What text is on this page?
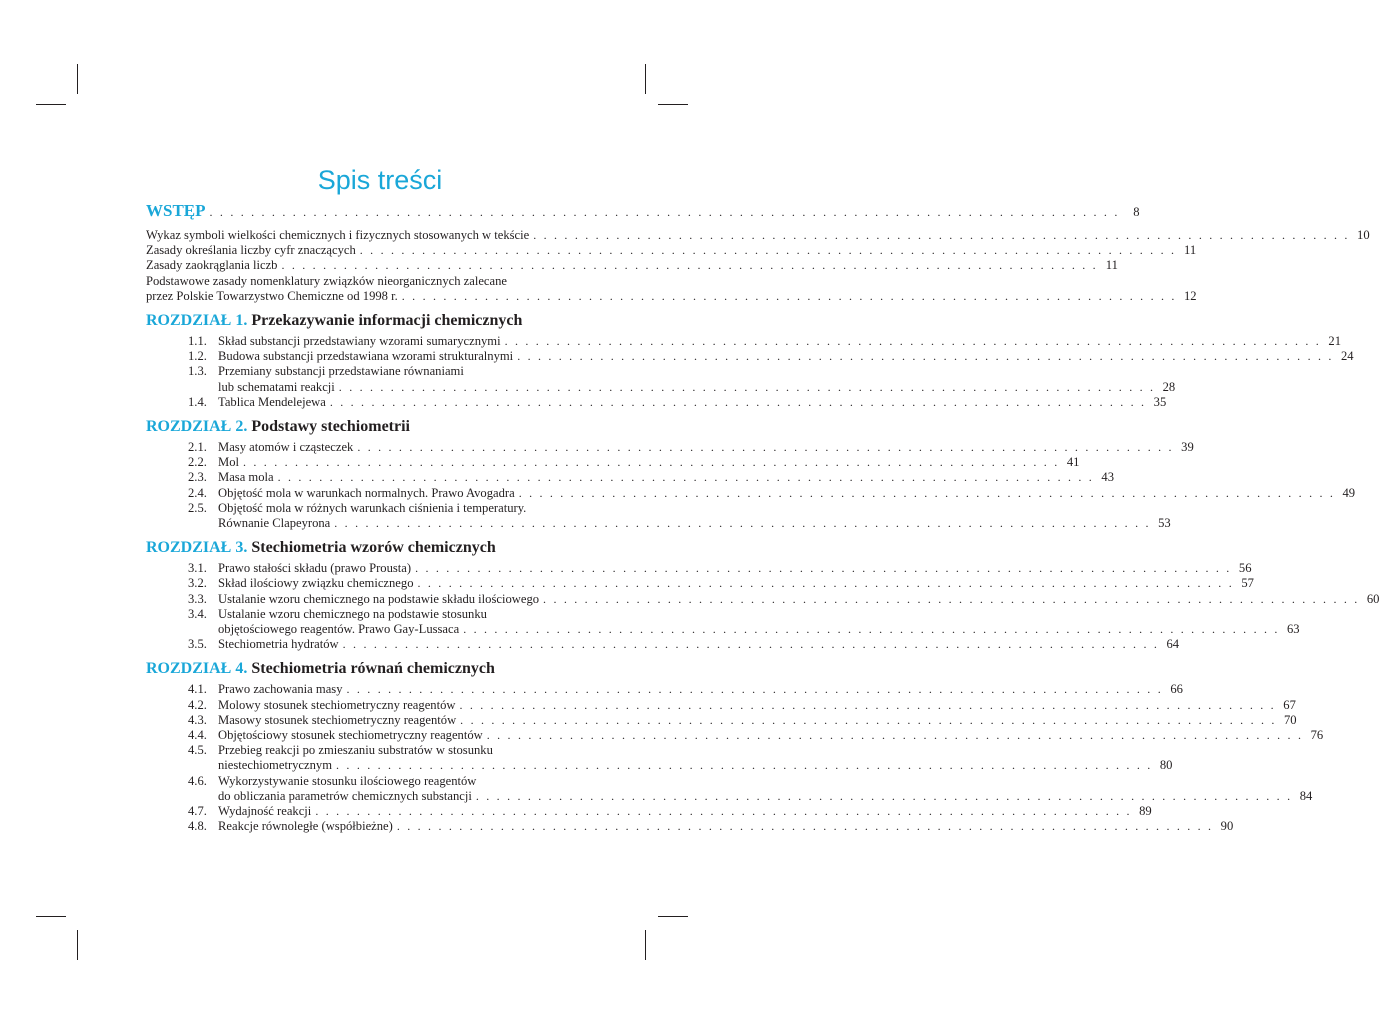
Spis treści
WSTĘP . . . . . . . . . . . . . . . . . . . . . . . . . . . . . . . . . . . . . . . . . . . . . . . . . . . . . . . . . . . . . . . . . . . . . . . . . . . . . . . . . . . . . . . .	8
Wykaz symboli wielkości chemicznych i fizycznych stosowanych w tekście . . . . . . . . . . . . . . . . . . . . . . . . . . . . . . . . . . . . . . . . . . . . . . . . . . . . . . . . . . . . . . . . . . . . . . . . . . . . . . . 10
Zasady określania liczby cyfr znaczących . . . . . . . . . . . . . . . . . . . . . . . . . . . . . . . . . . . . . . . . . . . . . . . . . . . . . . . . . . . . . . . . . . . . . . . . . . . . . . . 11
Zasady zaokrąglania liczb . . . . . . . . . . . . . . . . . . . . . . . . . . . . . . . . . . . . . . . . . . . . . . . . . . . . . . . . . . . . . . . . . . . . . . . . . . . . . . . 11
Podstawowe zasady nomenklatury związków nieorganicznych zalecane
przez Polskie Towarzystwo Chemiczne od 1998 r. . . . . . . . . . . . . . . . . . . . . . . . . . . . . . . . . . . . . . . . . . . . . . . . . . . . . . . . . . . . . . . . . . . . . . . . . . . . 12
ROZDZIAŁ 1. Przekazywanie informacji chemicznych
1.1. Skład substancji przedstawiany wzorami sumarycznymi . . . . . . . . . . . . . . . . . . . . . . . . . . . . . . . . . . . . . . . . . . . . . . . . . . . . . . . . . . . . . . . . . . . . . . . . . . . . . . . 21
1.2. Budowa substancji przedstawiana wzorami strukturalnymi . . . . . . . . . . . . . . . . . . . . . . . . . . . . . . . . . . . . . . . . . . . . . . . . . . . . . . . . . . . . . . . . . . . . . . . . . . . . . . . 24
1.3. Przemiany substancji przedstawiane równaniami
lub schematami reakcji . . . . . . . . . . . . . . . . . . . . . . . . . . . . . . . . . . . . . . . . . . . . . . . . . . . . . . . . . . . . . . . . . . . . . . . . . . . . . . . 28
1.4. Tablica Mendelejewa . . . . . . . . . . . . . . . . . . . . . . . . . . . . . . . . . . . . . . . . . . . . . . . . . . . . . . . . . . . . . . . . . . . . . . . . . . . . . . . 35
ROZDZIAŁ 2. Podstawy stechiometrii
2.1. Masy atomów i cząsteczek . . . . . . . . . . . . . . . . . . . . . . . . . . . . . . . . . . . . . . . . . . . . . . . . . . . . . . . . . . . . . . . . . . . . . . . . . . . . . . . 39
2.2. Mol . . . . . . . . . . . . . . . . . . . . . . . . . . . . . . . . . . . . . . . . . . . . . . . . . . . . . . . . . . . . . . . . . . . . . . . . . . . . . . . 41
2.3. Masa mola . . . . . . . . . . . . . . . . . . . . . . . . . . . . . . . . . . . . . . . . . . . . . . . . . . . . . . . . . . . . . . . . . . . . . . . . . . . . . . . 43
2.4. Objętość mola w warunkach normalnych. Prawo Avogadra . . . . . . . . . . . . . . . . . . . . . . . . . . . . . . . . . . . . . . . . . . . . . . . . . . . . . . . . . . . . . . . . . . . . . . . . . . . . . . . 49
2.5. Objętość mola w różnych warunkach ciśnienia i temperatury.
Równanie Clapeyrona . . . . . . . . . . . . . . . . . . . . . . . . . . . . . . . . . . . . . . . . . . . . . . . . . . . . . . . . . . . . . . . . . . . . . . . . . . . . . . . 53
ROZDZIAŁ 3. Stechiometria wzorów chemicznych
3.1. Prawo stałości składu (prawo Prousta) . . . . . . . . . . . . . . . . . . . . . . . . . . . . . . . . . . . . . . . . . . . . . . . . . . . . . . . . . . . . . . . . . . . . . . . . . . . . . . . 56
3.2. Skład ilościowy związku chemicznego . . . . . . . . . . . . . . . . . . . . . . . . . . . . . . . . . . . . . . . . . . . . . . . . . . . . . . . . . . . . . . . . . . . . . . . . . . . . . . . 57
3.3. Ustalanie wzoru chemicznego na podstawie składu ilościowego . . . . . . . . . . . . . . . . . . . . . . . . . . . . . . . . . . . . . . . . . . . . . . . . . . . . . . . . . . . . . . . . . . . . . . . . . . . . . . . 60
3.4. Ustalanie wzoru chemicznego na podstawie stosunku
objętościowego reagentów. Prawo Gay-Lussaca . . . . . . . . . . . . . . . . . . . . . . . . . . . . . . . . . . . . . . . . . . . . . . . . . . . . . . . . . . . . . . . . . . . . . . . . . . . . . . . 63
3.5. Stechiometria hydratów . . . . . . . . . . . . . . . . . . . . . . . . . . . . . . . . . . . . . . . . . . . . . . . . . . . . . . . . . . . . . . . . . . . . . . . . . . . . . . . 64
ROZDZIAŁ 4. Stechiometria równań chemicznych
4.1. Prawo zachowania masy . . . . . . . . . . . . . . . . . . . . . . . . . . . . . . . . . . . . . . . . . . . . . . . . . . . . . . . . . . . . . . . . . . . . . . . . . . . . . . . 66
4.2. Molowy stosunek stechiometryczny reagentów . . . . . . . . . . . . . . . . . . . . . . . . . . . . . . . . . . . . . . . . . . . . . . . . . . . . . . . . . . . . . . . . . . . . . . . . . . . . . . . 67
4.3. Masowy stosunek stechiometryczny reagentów . . . . . . . . . . . . . . . . . . . . . . . . . . . . . . . . . . . . . . . . . . . . . . . . . . . . . . . . . . . . . . . . . . . . . . . . . . . . . . . 70
4.4. Objętościowy stosunek stechiometryczny reagentów . . . . . . . . . . . . . . . . . . . . . . . . . . . . . . . . . . . . . . . . . . . . . . . . . . . . . . . . . . . . . . . . . . . . . . . . . . . . . . . 76
4.5. Przebieg reakcji po zmieszaniu substratów w stosunku
niestechiometrycznym . . . . . . . . . . . . . . . . . . . . . . . . . . . . . . . . . . . . . . . . . . . . . . . . . . . . . . . . . . . . . . . . . . . . . . . . . . . . . . . 80
4.6. Wykorzystywanie stosunku ilościowego reagentów
do obliczania parametrów chemicznych substancji . . . . . . . . . . . . . . . . . . . . . . . . . . . . . . . . . . . . . . . . . . . . . . . . . . . . . . . . . . . . . . . . . . . . . . . . . . . . . . . 84
4.7. Wydajność reakcji . . . . . . . . . . . . . . . . . . . . . . . . . . . . . . . . . . . . . . . . . . . . . . . . . . . . . . . . . . . . . . . . . . . . . . . . . . . . . . . 89
4.8. Reakcje równoległe (współbieżne) . . . . . . . . . . . . . . . . . . . . . . . . . . . . . . . . . . . . . . . . . . . . . . . . . . . . . . . . . . . . . . . . . . . . . . . . . . . . . . . 90
